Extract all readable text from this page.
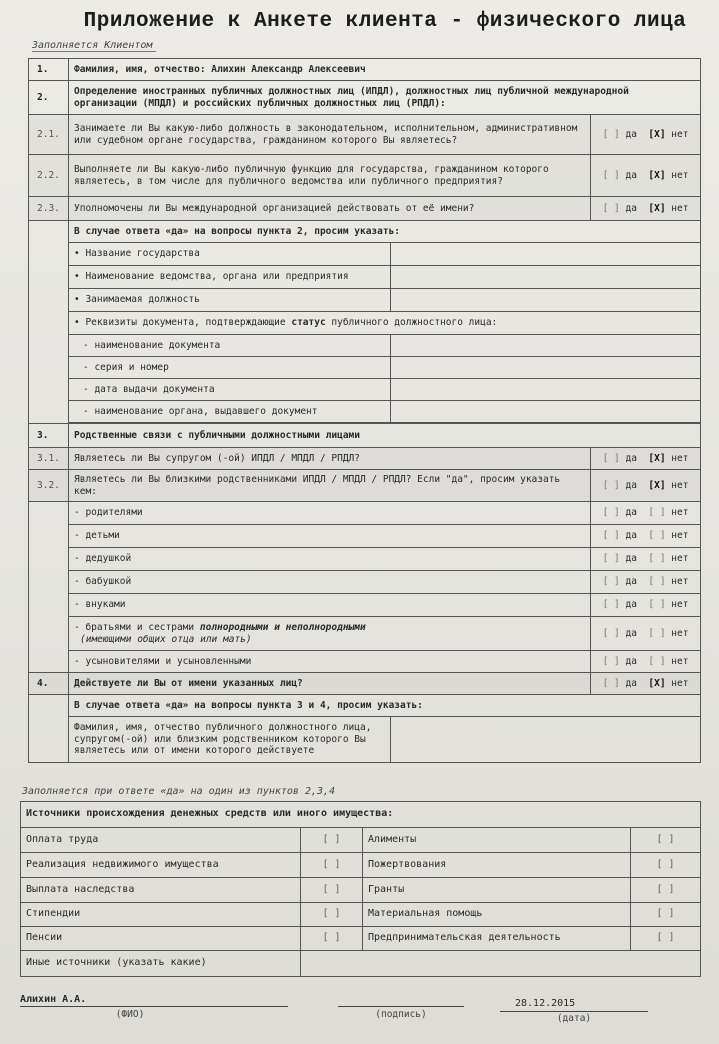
Приложение к Анкете клиента - физического лица
Заполняется Клиентом
1.	Фамилия, имя, отчество: Алихин Александр Алексеевич		
2.	Определение иностранных публичных должностных лиц (ИПДЛ), должностных лиц публичной международной организации (МПДЛ) и российских публичных должностных лиц (РПДЛ):		
2.1.	Занимаете ли Вы какую-либо должность в законодательном, исполнительном, административном или судебном органе государства, гражданином которого Вы являетесь?		[ ] да [X] нет
2.2.	Выполняете ли Вы какую-либо публичную функцию для государства, гражданином которого являетесь, в том числе для публичного ведомства или публичного предприятия?		[ ] да [X] нет
2.3.	Уполномочены ли Вы международной организацией действовать от её имени?		[ ] да [X] нет
	В случае ответа «да» на вопросы пункта 2, просим указать:		
	• Название государства		
	• Наименование ведомства, органа или предприятия		
	• Занимаемая должность		
	• Реквизиты документа, подтверждающие статус публичного должностного лица:		
	- наименование документа		
	- серия и номер		
	- дата выдачи документа		
	- наименование органа, выдавшего документ		

3.	Родственные связи с публичными должностными лицами		
3.1.	Являетесь ли Вы супругом (-ой) ИПДЛ / МПДЛ / РПДЛ?		[ ] да [X] нет
3.2.	Являетесь ли Вы близкими родственниками ИПДЛ / МПДЛ / РПДЛ? Если "да", просим указать кем:		[ ] да [X] нет
	- родителями		[ ] да [ ] нет
	- детьми		[ ] да [ ] нет
	- дедушкой		[ ] да [ ] нет
	- бабушкой		[ ] да [ ] нет
	- внуками		[ ] да [ ] нет
	- братьями и сестрами полнородными и неполнородными
(имеющими общих отца или мать)		[ ] да [ ] нет
	- усыновителями и усыновленными		[ ] да [ ] нет
4.	Действуете ли Вы от имени указанных лиц?		[ ] да [X] нет
	В случае ответа «да» на вопросы пункта 3 и 4, просим указать:		
	Фамилия, имя, отчество публичного должностного лица, супругом(-ой) или близким родственником которого Вы являетесь или от имени которого действуете		
Заполняется при ответе «да» на один из пунктов 2,3,4
Источники происхождения денежных средств или иного имущества:			
Оплата труда	[ ]	Алименты	[ ]
Реализация недвижимого имущества	[ ]	Пожертвования	[ ]
Выплата наследства	[ ]	Гранты	[ ]
Стипендии	[ ]	Материальная помощь	[ ]
Пенсии	[ ]	Предпринимательская деятельность	[ ]
Иные источники (указать какие)			
Алихин А.А.
(ФИО)	(подпись)
28.12.2015
(дата)
